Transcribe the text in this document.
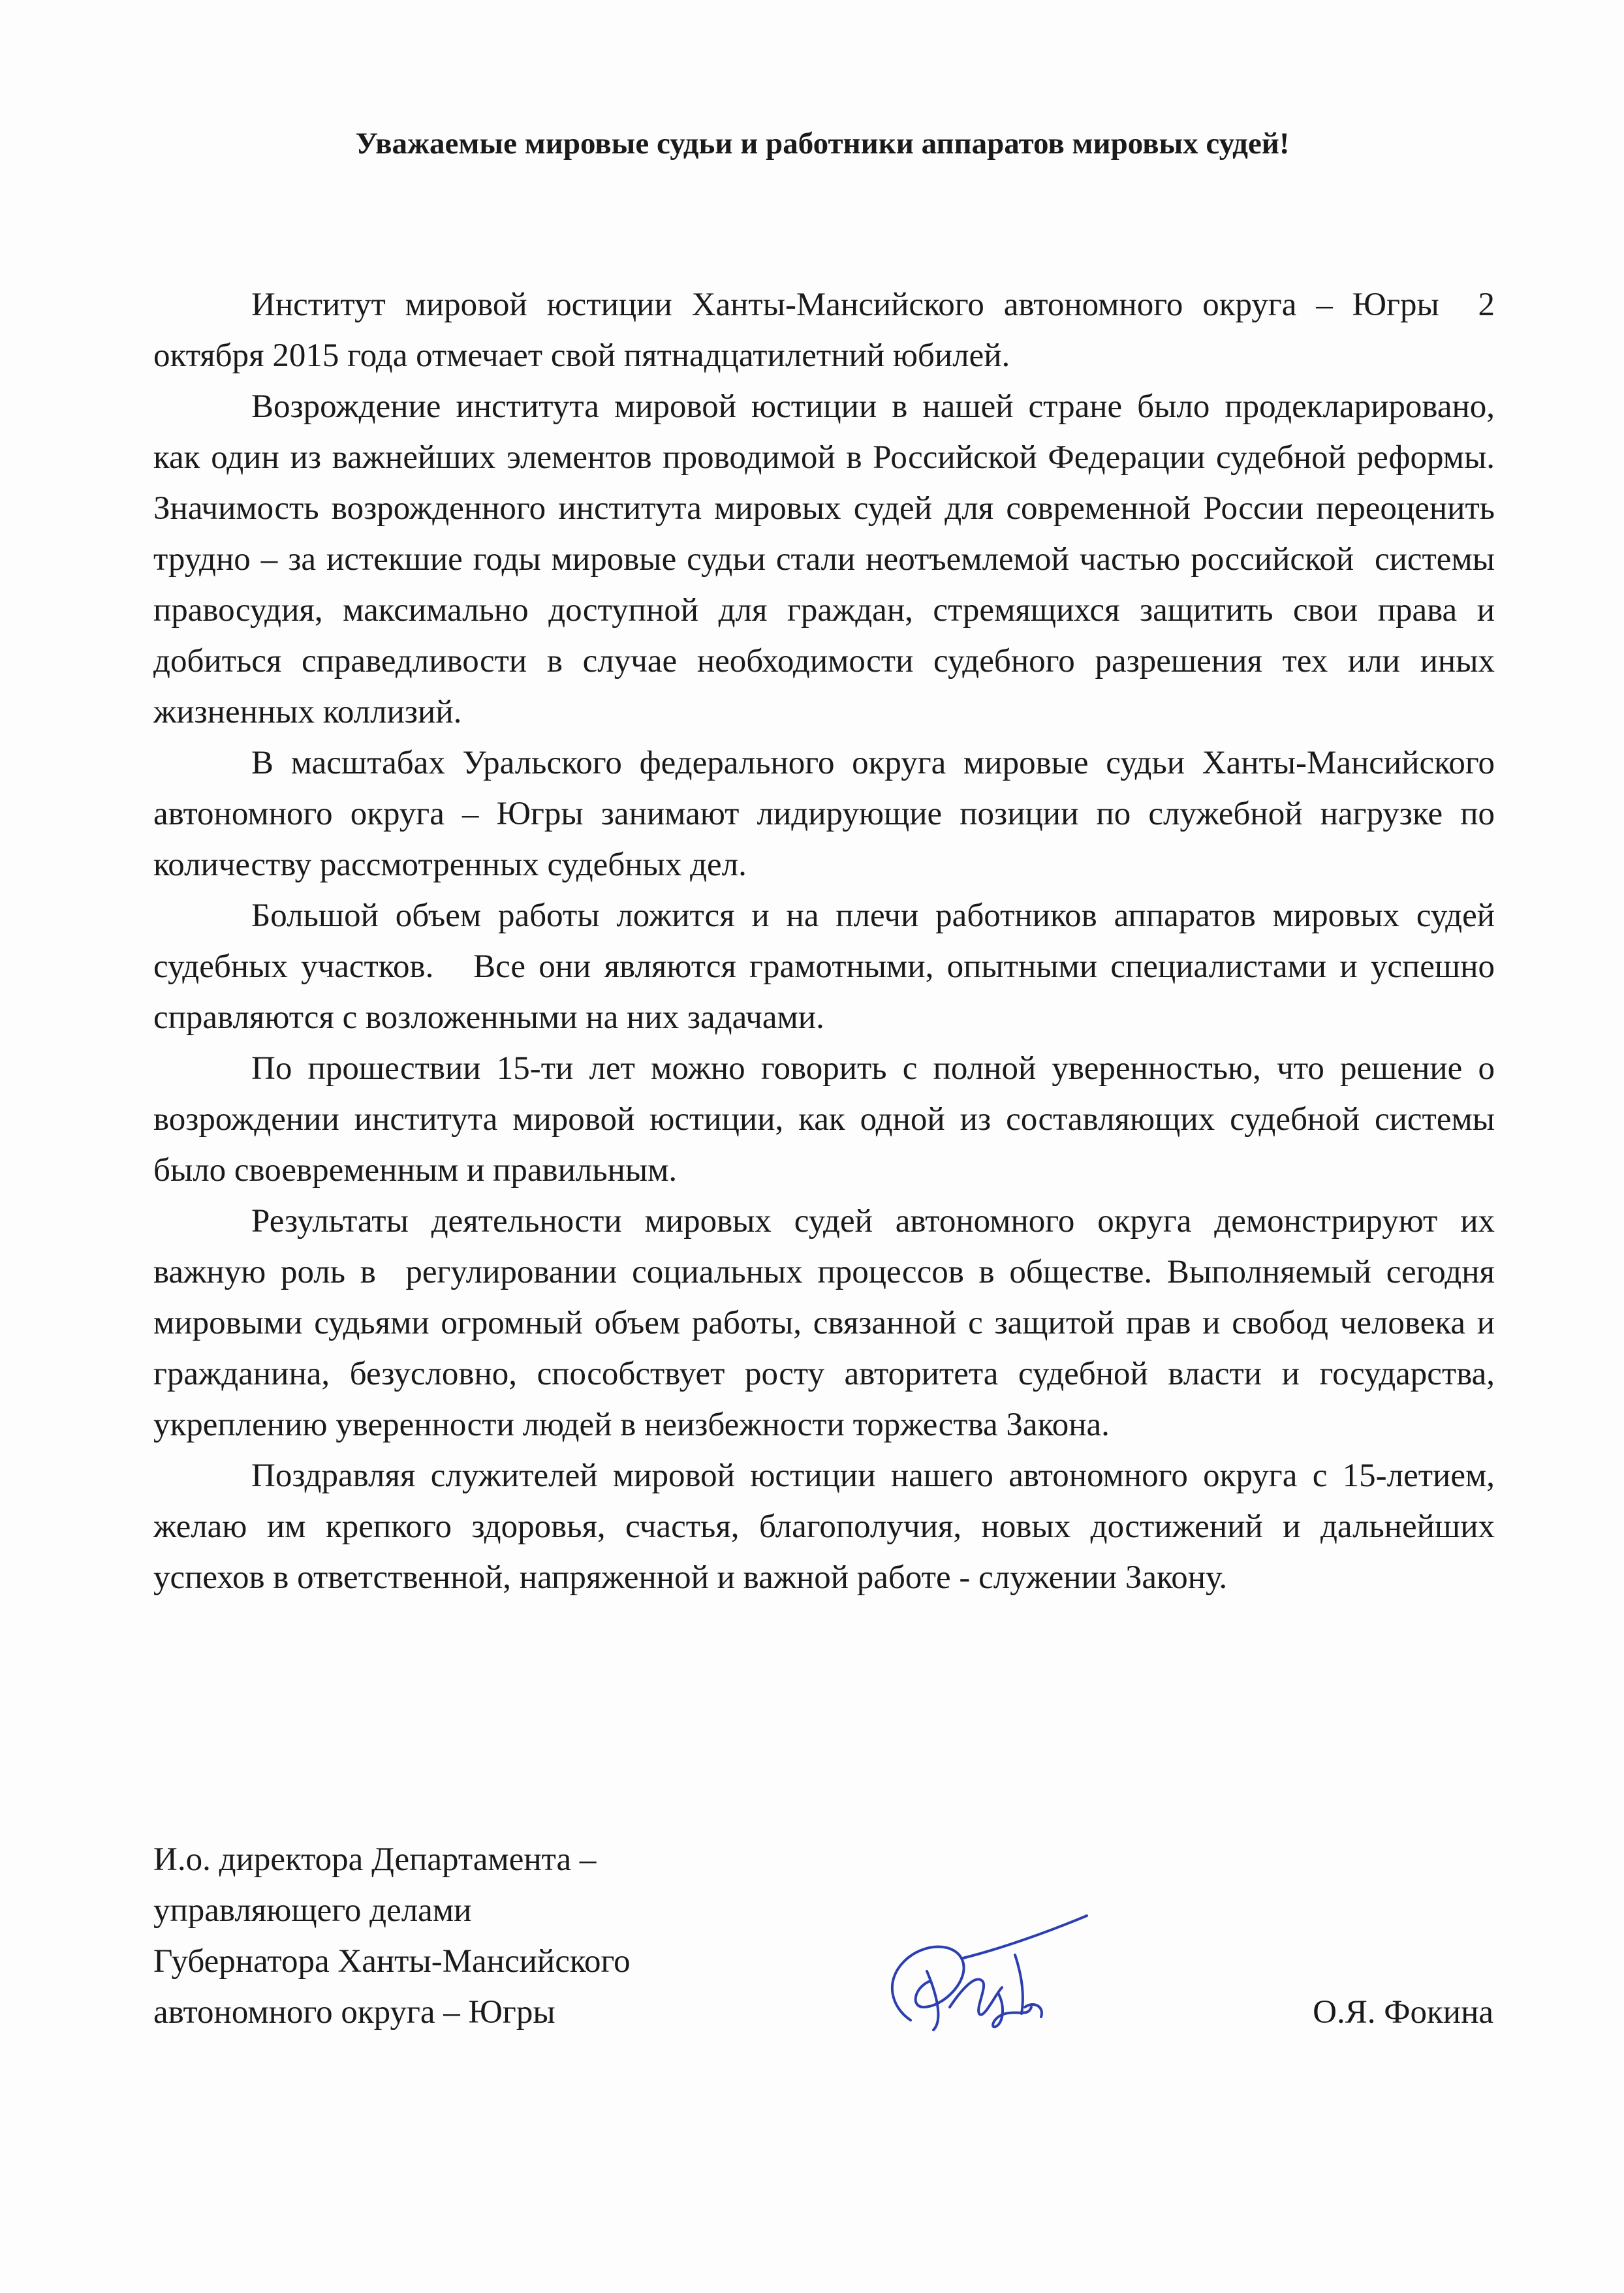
Уважаемые мировые судьи и работники аппаратов мировых судей!

Институт мировой юстиции Ханты-Мансийского автономного округа – Югры  2 октября 2015 года отмечает свой пятнадцатилетний юбилей.

Возрождение института мировой юстиции в нашей стране было продекларировано, как один из важнейших элементов проводимой в Российской Федерации судебной реформы. Значимость возрожденного института мировых судей для современной России переоценить трудно – за истекшие годы мировые судьи стали неотъемлемой частью российской  системы правосудия, максимально доступной для граждан, стремящихся защитить свои права и добиться справедливости в случае необходимости судебного разрешения тех или иных жизненных коллизий.

В масштабах Уральского федерального округа мировые судьи Ханты-Мансийского автономного округа – Югры занимают лидирующие позиции по служебной нагрузке по количеству рассмотренных судебных дел.

Большой объем работы ложится и на плечи работников аппаратов мировых судей   судебных участков.   Все они являются грамотными, опытными специалистами и успешно справляются с возложенными на них задачами.

По прошествии 15-ти лет можно говорить с полной уверенностью, что решение о возрождении института мировой юстиции, как одной из составляющих судебной системы было своевременным и правильным.

Результаты деятельности мировых судей автономного округа демонстрируют их важную роль в  регулировании социальных процессов в обществе. Выполняемый сегодня  мировыми судьями огромный объем работы, связанной с защитой прав и свобод человека и гражданина, безусловно, способствует росту авторитета судебной власти и государства, укреплению уверенности людей в неизбежности торжества Закона.

Поздравляя служителей мировой юстиции нашего автономного округа с 15-летием, желаю им крепкого здоровья, счастья, благополучия, новых достижений и дальнейших успехов в ответственной, напряженной и важной работе - служении Закону.

И.о. директора Департамента –
управляющего делами
Губернатора Ханты-Мансийского
автономного округа – Югры	О.Я. Фокина
